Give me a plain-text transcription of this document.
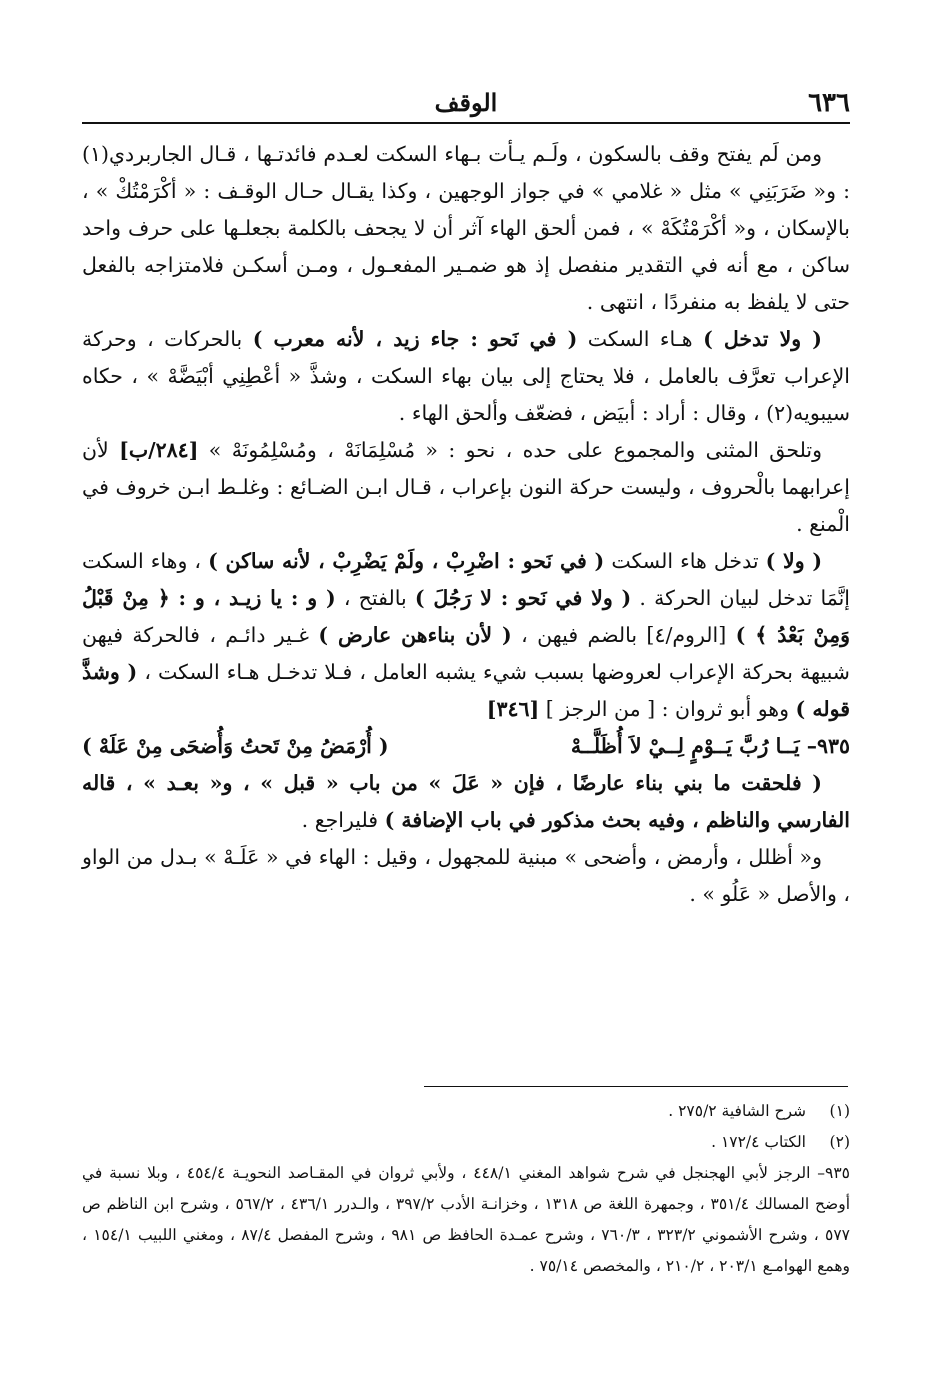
٦٣٦
الوقف

ومن لَم يفتح وقف بالسكون ، ولَـم يـأت بـهاء السكت لعـدم فائدتـها ، قـال الجاربردي(١) : و« ضَرَبَنِي » مثل « غلامي » في جواز الوجهين ، وكذا يقـال حـال الوقـف : « أكْرَمْتُكْ » ، بالإسكان ، و« أكْرَمْتُكَهْ » ، فمن ألحق الهاء آثر أن لا يجحف بالكلمة بجعلـها على حرف واحد ساكن ، مع أنه في التقدير منفصل إذ هو ضمـير المفعـول ، ومـن أسكـن فلامتزاجه بالفعل حتى لا يلفظ به منفردًا ، انتهى .

( ولا تدخل ) هـاء السكت ( في نَحو : جاء زيد ، لأنه معرب ) بالحركات ، وحركة الإعراب تعرَّف بالعامل ، فلا يحتاج إلى بيان بهاء السكت ، وشذَّ « أعْطِنِي أبْيَضَّهْ » ، حكاه سيبويه(٢) ، وقال : أراد : أبيَض ، فضعّف وألحق الهاء .

وتلحق المثنى والمجموع على حده ، نحو : « مُسْلِمَانَهْ ، ومُسْلِمُونَهْ » [٢٨٤/ب] لأن إعرابهما بالْحروف ، وليست حركة النون بإعراب ، قـال ابـن الضـائع : وغلـط ابـن خروف في الْمنع .

( ولا ) تدخل هاء السكت ( في نَحو : اضْرِبْ ، ولَمْ يَضْرِبْ ، لأنه ساكن ) ، وهاء السكت إنَّمَا تدخل لبيان الحركة . ( ولا في نَحو : لا رَجُلَ ) بالفتح ، ( و : يا زيـد ، و : ﴿ مِنْ قَبْلُ وَمِنْ بَعْدُ ﴾ ) [الروم/٤] بالضم فيهن ، ( لأن بناءهن عارض ) غـير دائـم ، فالحركة فيهن شبيهة بحركة الإعراب لعروضها بسبب شيء يشبه العامل ، فـلا تدخـل هـاء السكت ، ( وشذَّ قوله ) وهو أبو ثروان : [ من الرجز ] [٣٤٦]

٩٣٥– يَــا رُبَّ يَــوْمٍ لِــيْ لاَ أُظَلَّــهْ
( أُرْمَضُ مِنْ تَحتُ وَأُضحَى مِنْ عَلَهْ )

( فلحقت ما بني بناء عارضًا ، فإن « عَلَ » من باب « قبل » ، و« بعـد » ، قاله الفارسي والناظم ، وفيه بحث مذكور في باب الإضافة ) فليراجع .

و« أظلل ، وأرمض ، وأضحى » مبنية للمجهول ، وقيل : الهاء في « عَلَـهْ » بـدل من الواو ، والأصل « عَلُو » .

(١)شرح الشافية ٢٧٥/٢ .

(٢)الكتاب ١٧٢/٤ .

٩٣٥– الرجز لأبي الهجنجل في شرح شواهد المغني ٤٤٨/١ ، ولأبي ثروان في المقـاصد النحويـة ٤٥٤/٤ ، وبلا نسبة في أوضح المسالك ٣٥١/٤ ، وجمهرة اللغة ص ١٣١٨ ، وخزانـة الأدب ٣٩٧/٢ ، والـدرر ٤٣٦/١ ، ٥٦٧/٢ ، وشرح ابن الناظم ص ٥٧٧ ، وشرح الأشموني ٣٢٣/٢ ، ٧٦٠/٣ ، وشرح عمـدة الحافظ ص ٩٨١ ، وشرح المفصل ٨٧/٤ ، ومغني اللبيب ١٥٤/١ ، وهمع الهوامـع ٢٠٣/١ ، ٢١٠/٢ ، والمخصص ٧٥/١٤ .
